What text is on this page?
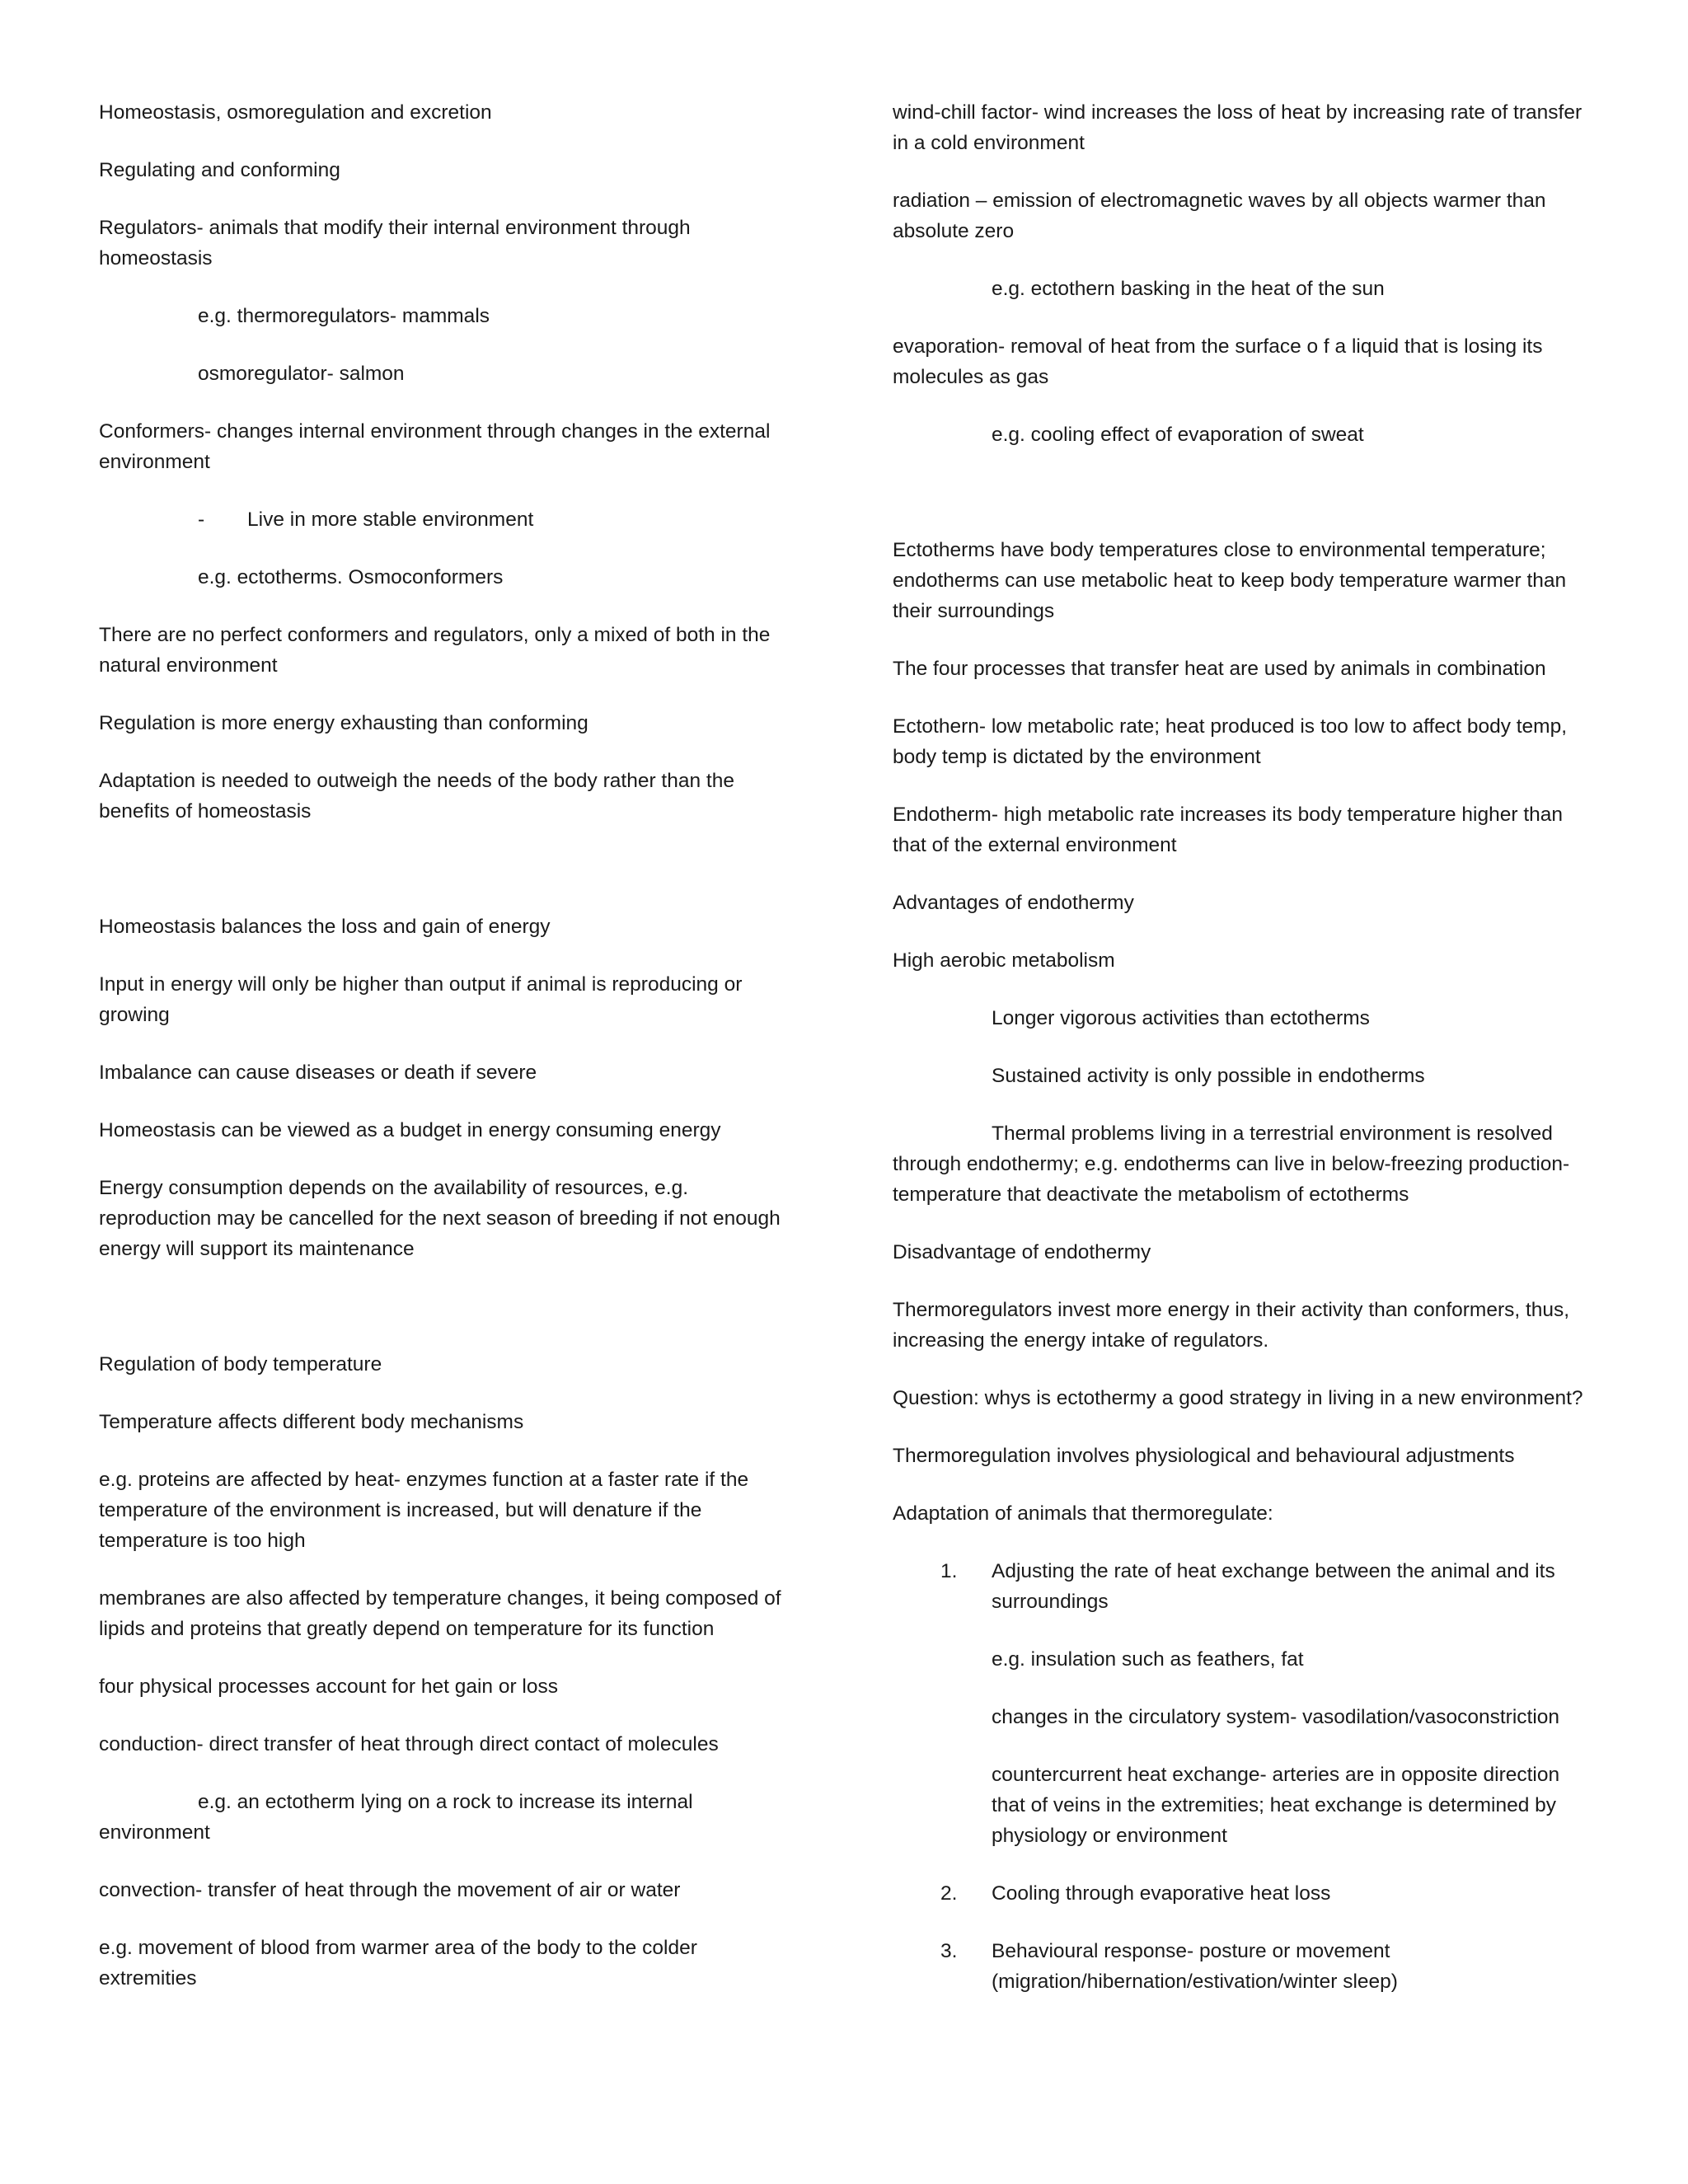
Homeostasis, osmoregulation and excretion

Regulating and conforming

Regulators- animals that modify their internal environment through homeostasis

e.g. thermoregulators- mammals

osmoregulator- salmon

Conformers- changes internal environment through changes in the external environment

-	Live in more stable environment

e.g. ectotherms. Osmoconformers

There are no perfect conformers and regulators, only a mixed of both in the natural environment

Regulation is more energy exhausting than conforming

Adaptation is needed to outweigh the needs of the body rather than the benefits of homeostasis

Homeostasis balances the loss and gain of energy

Input in energy will only be higher than output if animal is reproducing or growing

Imbalance can cause diseases or death if severe

Homeostasis can be viewed as a budget in energy consuming energy

Energy consumption depends on the availability of resources, e.g. reproduction may be cancelled for the next season of breeding if not enough energy will support its maintenance

Regulation of body temperature

Temperature affects different body mechanisms

e.g. proteins are affected by heat- enzymes function at a faster rate if the temperature of the environment is increased, but will denature if the temperature is too high

membranes are also affected by temperature changes, it being composed of lipids and proteins that greatly depend on temperature for its function

four physical processes account for het gain or loss

conduction- direct transfer of heat through direct contact of molecules

e.g. an ectotherm lying on a rock to increase its internal environment

convection- transfer of heat through the movement of air or water

e.g. movement of blood from warmer area of the body to the colder extremities

wind-chill factor- wind increases the loss of heat by increasing rate of transfer in a cold environment

radiation – emission of electromagnetic waves by all objects warmer than absolute zero

e.g. ectothern basking in the heat of the sun

evaporation- removal of heat from the surface o f a liquid that is losing its molecules as gas

e.g. cooling effect of evaporation of sweat

Ectotherms have body temperatures close to environmental temperature; endotherms can use metabolic heat to keep body temperature warmer than their surroundings

The four processes that transfer heat are used by animals in combination

Ectothern- low metabolic rate; heat produced is too low to affect body temp, body temp is dictated by the environment

Endotherm- high metabolic rate increases its body temperature higher than that of the external environment

Advantages of endothermy

High aerobic metabolism

Longer vigorous activities than ectotherms

Sustained activity is only possible in endotherms

Thermal problems living in a terrestrial environment is resolved through endothermy; e.g. endotherms can live in below-freezing production-temperature that deactivate the metabolism of ectotherms

Disadvantage of endothermy

Thermoregulators invest more energy in their activity than conformers, thus, increasing the energy intake of regulators.

Question: whys is ectothermy a good strategy in living in a new environment?

Thermoregulation involves physiological and behavioural adjustments

Adaptation of animals that thermoregulate:

1.	Adjusting the rate of heat exchange between the animal and its surroundings

e.g. insulation such as feathers, fat

changes in the circulatory system- vasodilation/vasoconstriction

countercurrent heat exchange- arteries are in opposite direction that of veins in the extremities; heat exchange is determined by physiology or environment

2.	Cooling through evaporative heat loss
3.	Behavioural response- posture or movement (migration/hibernation/estivation/winter sleep)
